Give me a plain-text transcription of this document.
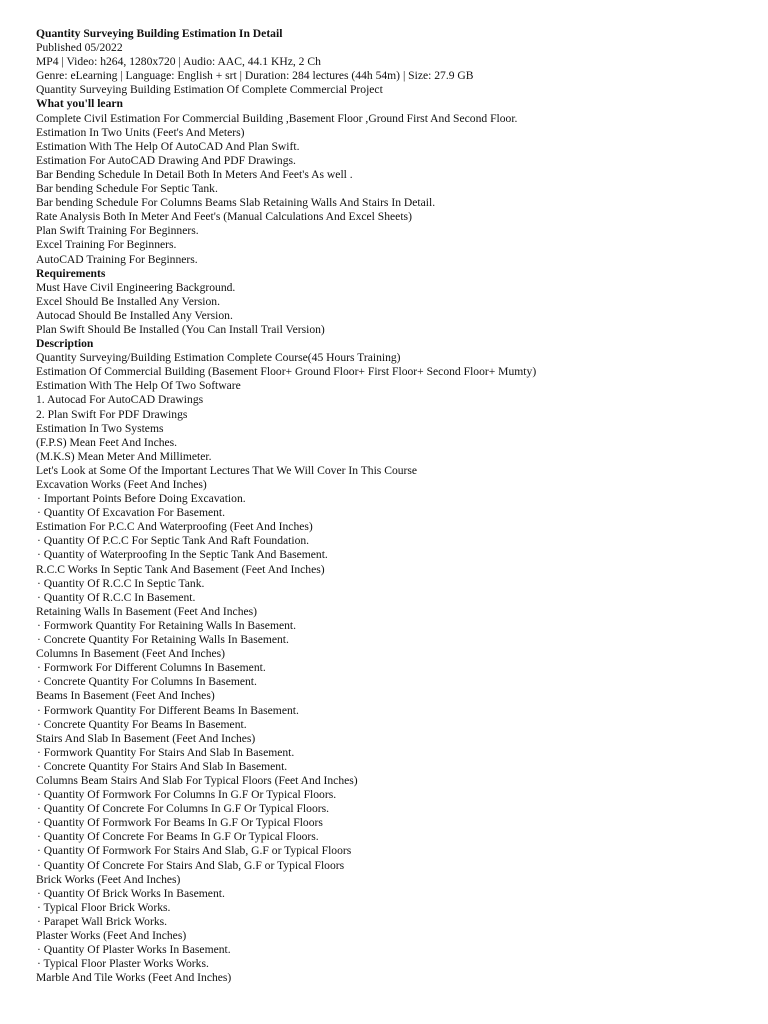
Quantity Surveying Building Estimation In Detail
Published 05/2022
MP4 | Video: h264, 1280x720 | Audio: AAC, 44.1 KHz, 2 Ch
Genre: eLearning | Language: English + srt | Duration: 284 lectures (44h 54m) | Size: 27.9 GB
Quantity Surveying Building Estimation Of Complete Commercial Project
What you'll learn
Complete Civil Estimation For Commercial Building ,Basement Floor ,Ground First And Second Floor.
Estimation In Two Units (Feet's And Meters)
Estimation With The Help Of AutoCAD And Plan Swift.
Estimation For AutoCAD Drawing And PDF Drawings.
Bar Bending Schedule In Detail Both In Meters And Feet's As well .
Bar bending Schedule For Septic Tank.
Bar bending Schedule For Columns Beams Slab Retaining Walls And Stairs In Detail.
Rate Analysis Both In Meter And Feet's (Manual Calculations And Excel Sheets)
Plan Swift Training For Beginners.
Excel Training For Beginners.
AutoCAD Training For Beginners.
Requirements
Must Have Civil Engineering Background.
Excel Should Be Installed Any Version.
Autocad Should Be Installed Any Version.
Plan Swift Should Be Installed (You Can Install Trail Version)
Description
Quantity Surveying/Building Estimation Complete Course(45 Hours Training)
Estimation Of Commercial Building (Basement Floor+ Ground Floor+ First Floor+ Second Floor+ Mumty)
Estimation With The Help Of Two Software
1. Autocad For AutoCAD Drawings
2. Plan Swift For PDF Drawings
Estimation In Two Systems
(F.P.S) Mean Feet And Inches.
(M.K.S) Mean Meter And Millimeter.
Let's Look at Some Of the Important Lectures That We Will Cover In This Course
Excavation Works (Feet And Inches)
· Important Points Before Doing Excavation.
· Quantity Of Excavation For Basement.
Estimation For P.C.C And Waterproofing (Feet And Inches)
· Quantity Of P.C.C For Septic Tank And Raft Foundation.
· Quantity of Waterproofing In the Septic Tank And Basement.
R.C.C Works In Septic Tank And Basement (Feet And Inches)
· Quantity Of R.C.C In Septic Tank.
· Quantity Of R.C.C In Basement.
Retaining Walls In Basement (Feet And Inches)
· Formwork Quantity For Retaining Walls In Basement.
· Concrete Quantity For Retaining Walls In Basement.
Columns In Basement (Feet And Inches)
· Formwork For Different Columns In Basement.
· Concrete Quantity For Columns In Basement.
Beams In Basement (Feet And Inches)
· Formwork Quantity For Different Beams In Basement.
· Concrete Quantity For Beams In Basement.
Stairs And Slab In Basement (Feet And Inches)
· Formwork Quantity For Stairs And Slab In Basement.
· Concrete Quantity For Stairs And Slab In Basement.
Columns Beam Stairs And Slab For Typical Floors (Feet And Inches)
· Quantity Of Formwork For Columns In G.F Or Typical Floors.
· Quantity Of Concrete For Columns In G.F Or Typical Floors.
· Quantity Of Formwork For Beams In G.F Or Typical Floors
· Quantity Of Concrete For Beams In G.F Or Typical Floors.
· Quantity Of Formwork For Stairs And Slab, G.F or Typical Floors
· Quantity Of Concrete For Stairs And Slab, G.F or Typical Floors
Brick Works (Feet And Inches)
· Quantity Of Brick Works In Basement.
· Typical Floor Brick Works.
· Parapet Wall Brick Works.
Plaster Works (Feet And Inches)
· Quantity Of Plaster Works In Basement.
· Typical Floor Plaster Works Works.
Marble And Tile Works (Feet And Inches)
